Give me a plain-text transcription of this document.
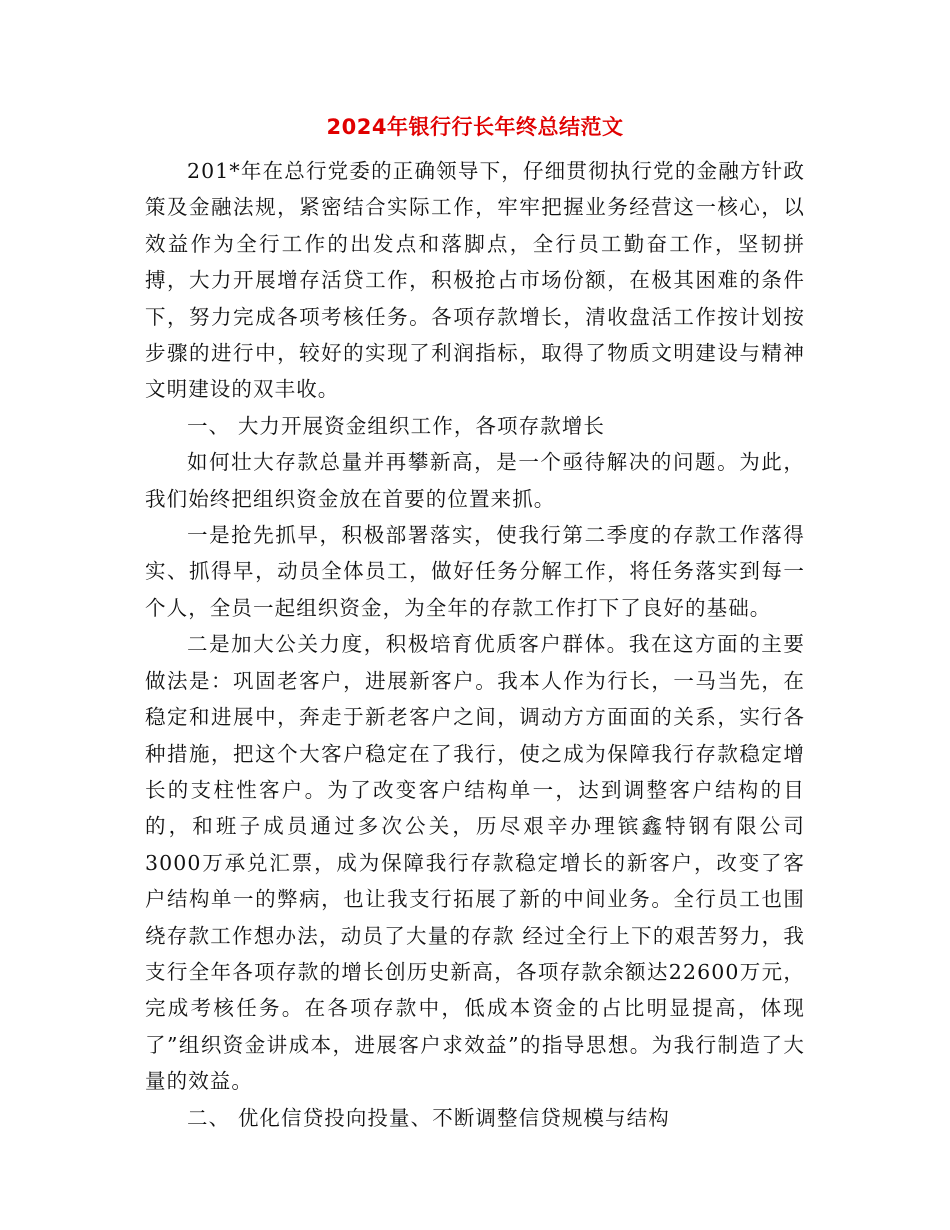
2024年银行行长年终总结范文

201*年在总行党委的正确领导下，仔细贯彻执行党的金融方针政策及金融法规，紧密结合实际工作，牢牢把握业务经营这一核心，以效益作为全行工作的出发点和落脚点，全行员工勤奋工作，坚韧拼搏，大力开展增存活贷工作，积极抢占市场份额，在极其困难的条件下，努力完成各项考核任务。各项存款增长，清收盘活工作按计划按步骤的进行中，较好的实现了利润指标，取得了物质文明建设与精神文明建设的双丰收。

一、 大力开展资金组织工作，各项存款增长

如何壮大存款总量并再攀新高，是一个亟待解决的问题。为此，我们始终把组织资金放在首要的位置来抓。

一是抢先抓早，积极部署落实，使我行第二季度的存款工作落得实、抓得早，动员全体员工，做好任务分解工作，将任务落实到每一个人，全员一起组织资金，为全年的存款工作打下了良好的基础。

二是加大公关力度，积极培育优质客户群体。我在这方面的主要做法是：巩固老客户，进展新客户。我本人作为行长，一马当先，在稳定和进展中，奔走于新老客户之间，调动方方面面的关系，实行各种措施，把这个大客户稳定在了我行，使之成为保障我行存款稳定增长的支柱性客户。为了改变客户结构单一，达到调整客户结构的目的，和班子成员通过多次公关，历尽艰辛办理镔鑫特钢有限公司3000万承兑汇票，成为保障我行存款稳定增长的新客户，改变了客户结构单一的弊病，也让我支行拓展了新的中间业务。全行员工也围绕存款工作想办法，动员了大量的存款 经过全行上下的艰苦努力，我支行全年各项存款的增长创历史新高，各项存款余额达22600万元，完成考核任务。在各项存款中，低成本资金的占比明显提高，体现了”组织资金讲成本，进展客户求效益”的指导思想。为我行制造了大量的效益。

二、 优化信贷投向投量、不断调整信贷规模与结构
